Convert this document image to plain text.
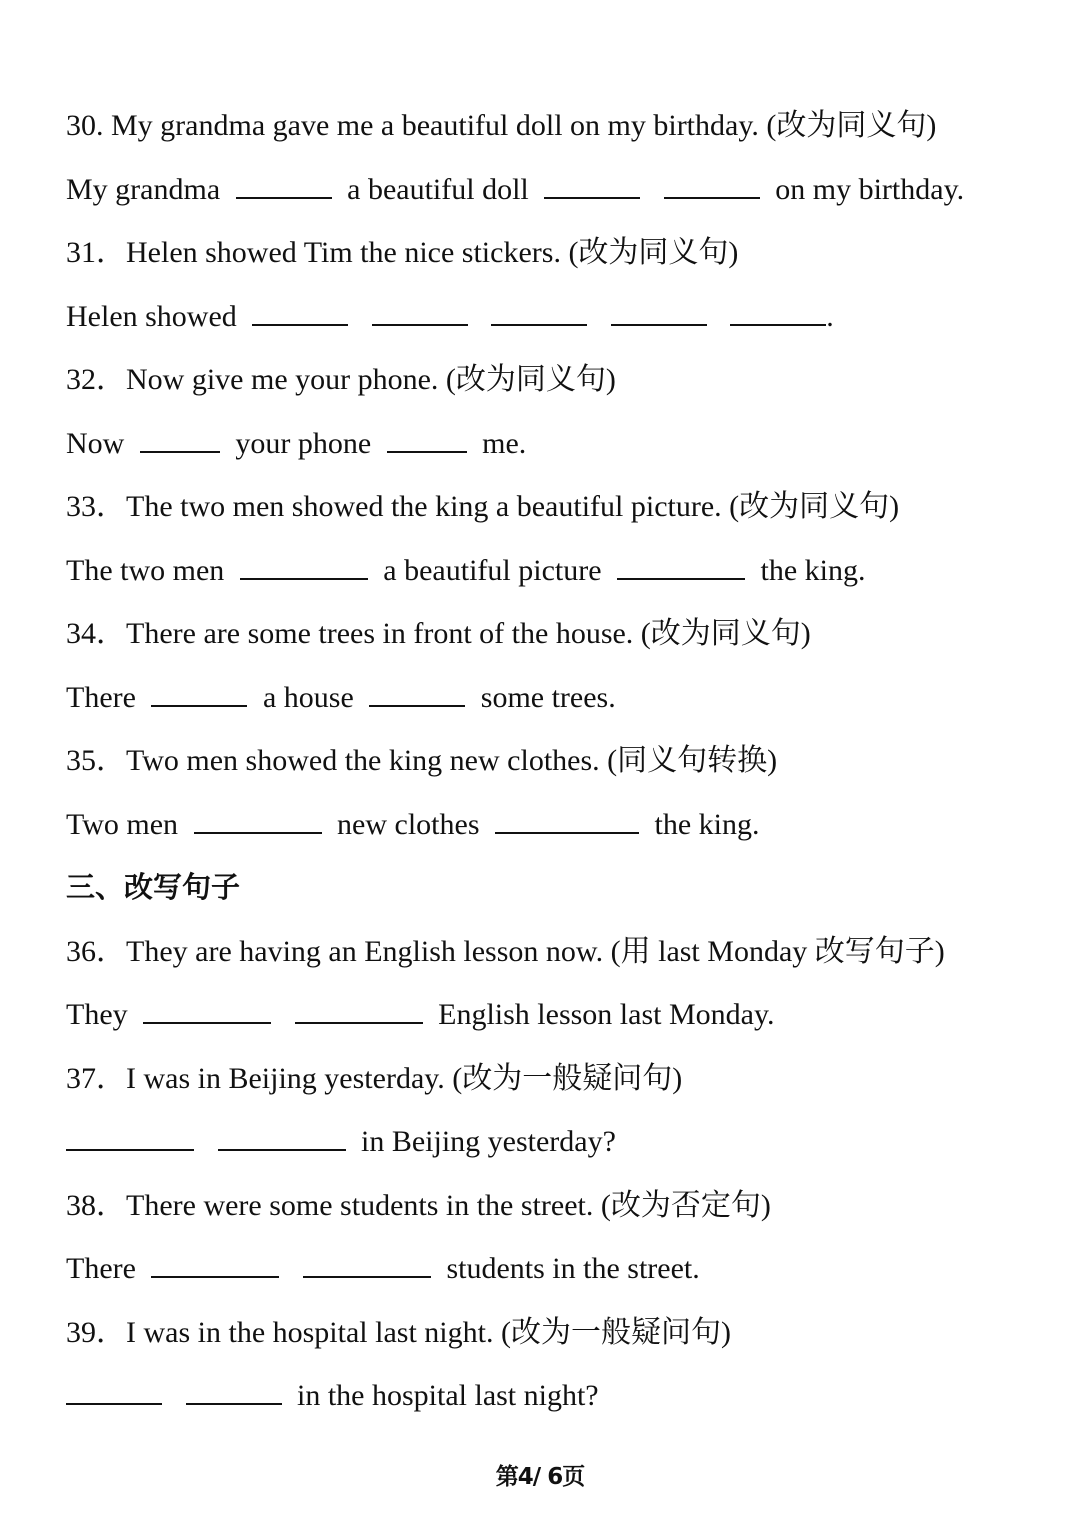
30. My grandma gave me a beautiful doll on my birthday. (改为同义句)
My grandma	a beautiful doll	on my birthday.
31．Helen showed Tim the nice stickers. (改为同义句)
Helen showed	.
32．Now give me your phone. (改为同义句)
Now	your phone	me.
33．The two men showed the king a beautiful picture. (改为同义句)
The two men	a beautiful picture	the king.
34．There are some trees in front of the house. (改为同义句)
There	a house	some trees.
35．Two men showed the king new clothes. (同义句转换)
Two men	new clothes	the king.
三、改写句子
36．They are having an English lesson now. (用 last Monday 改写句子)
They	English lesson last Monday.
37．I was in Beijing yesterday. (改为一般疑问句)
in Beijing yesterday?
38．There were some students in the street. (改为否定句)
There	students in the street.
39．I was in the hospital last night. (改为一般疑问句)
in the hospital last night?
第4/ 6页
